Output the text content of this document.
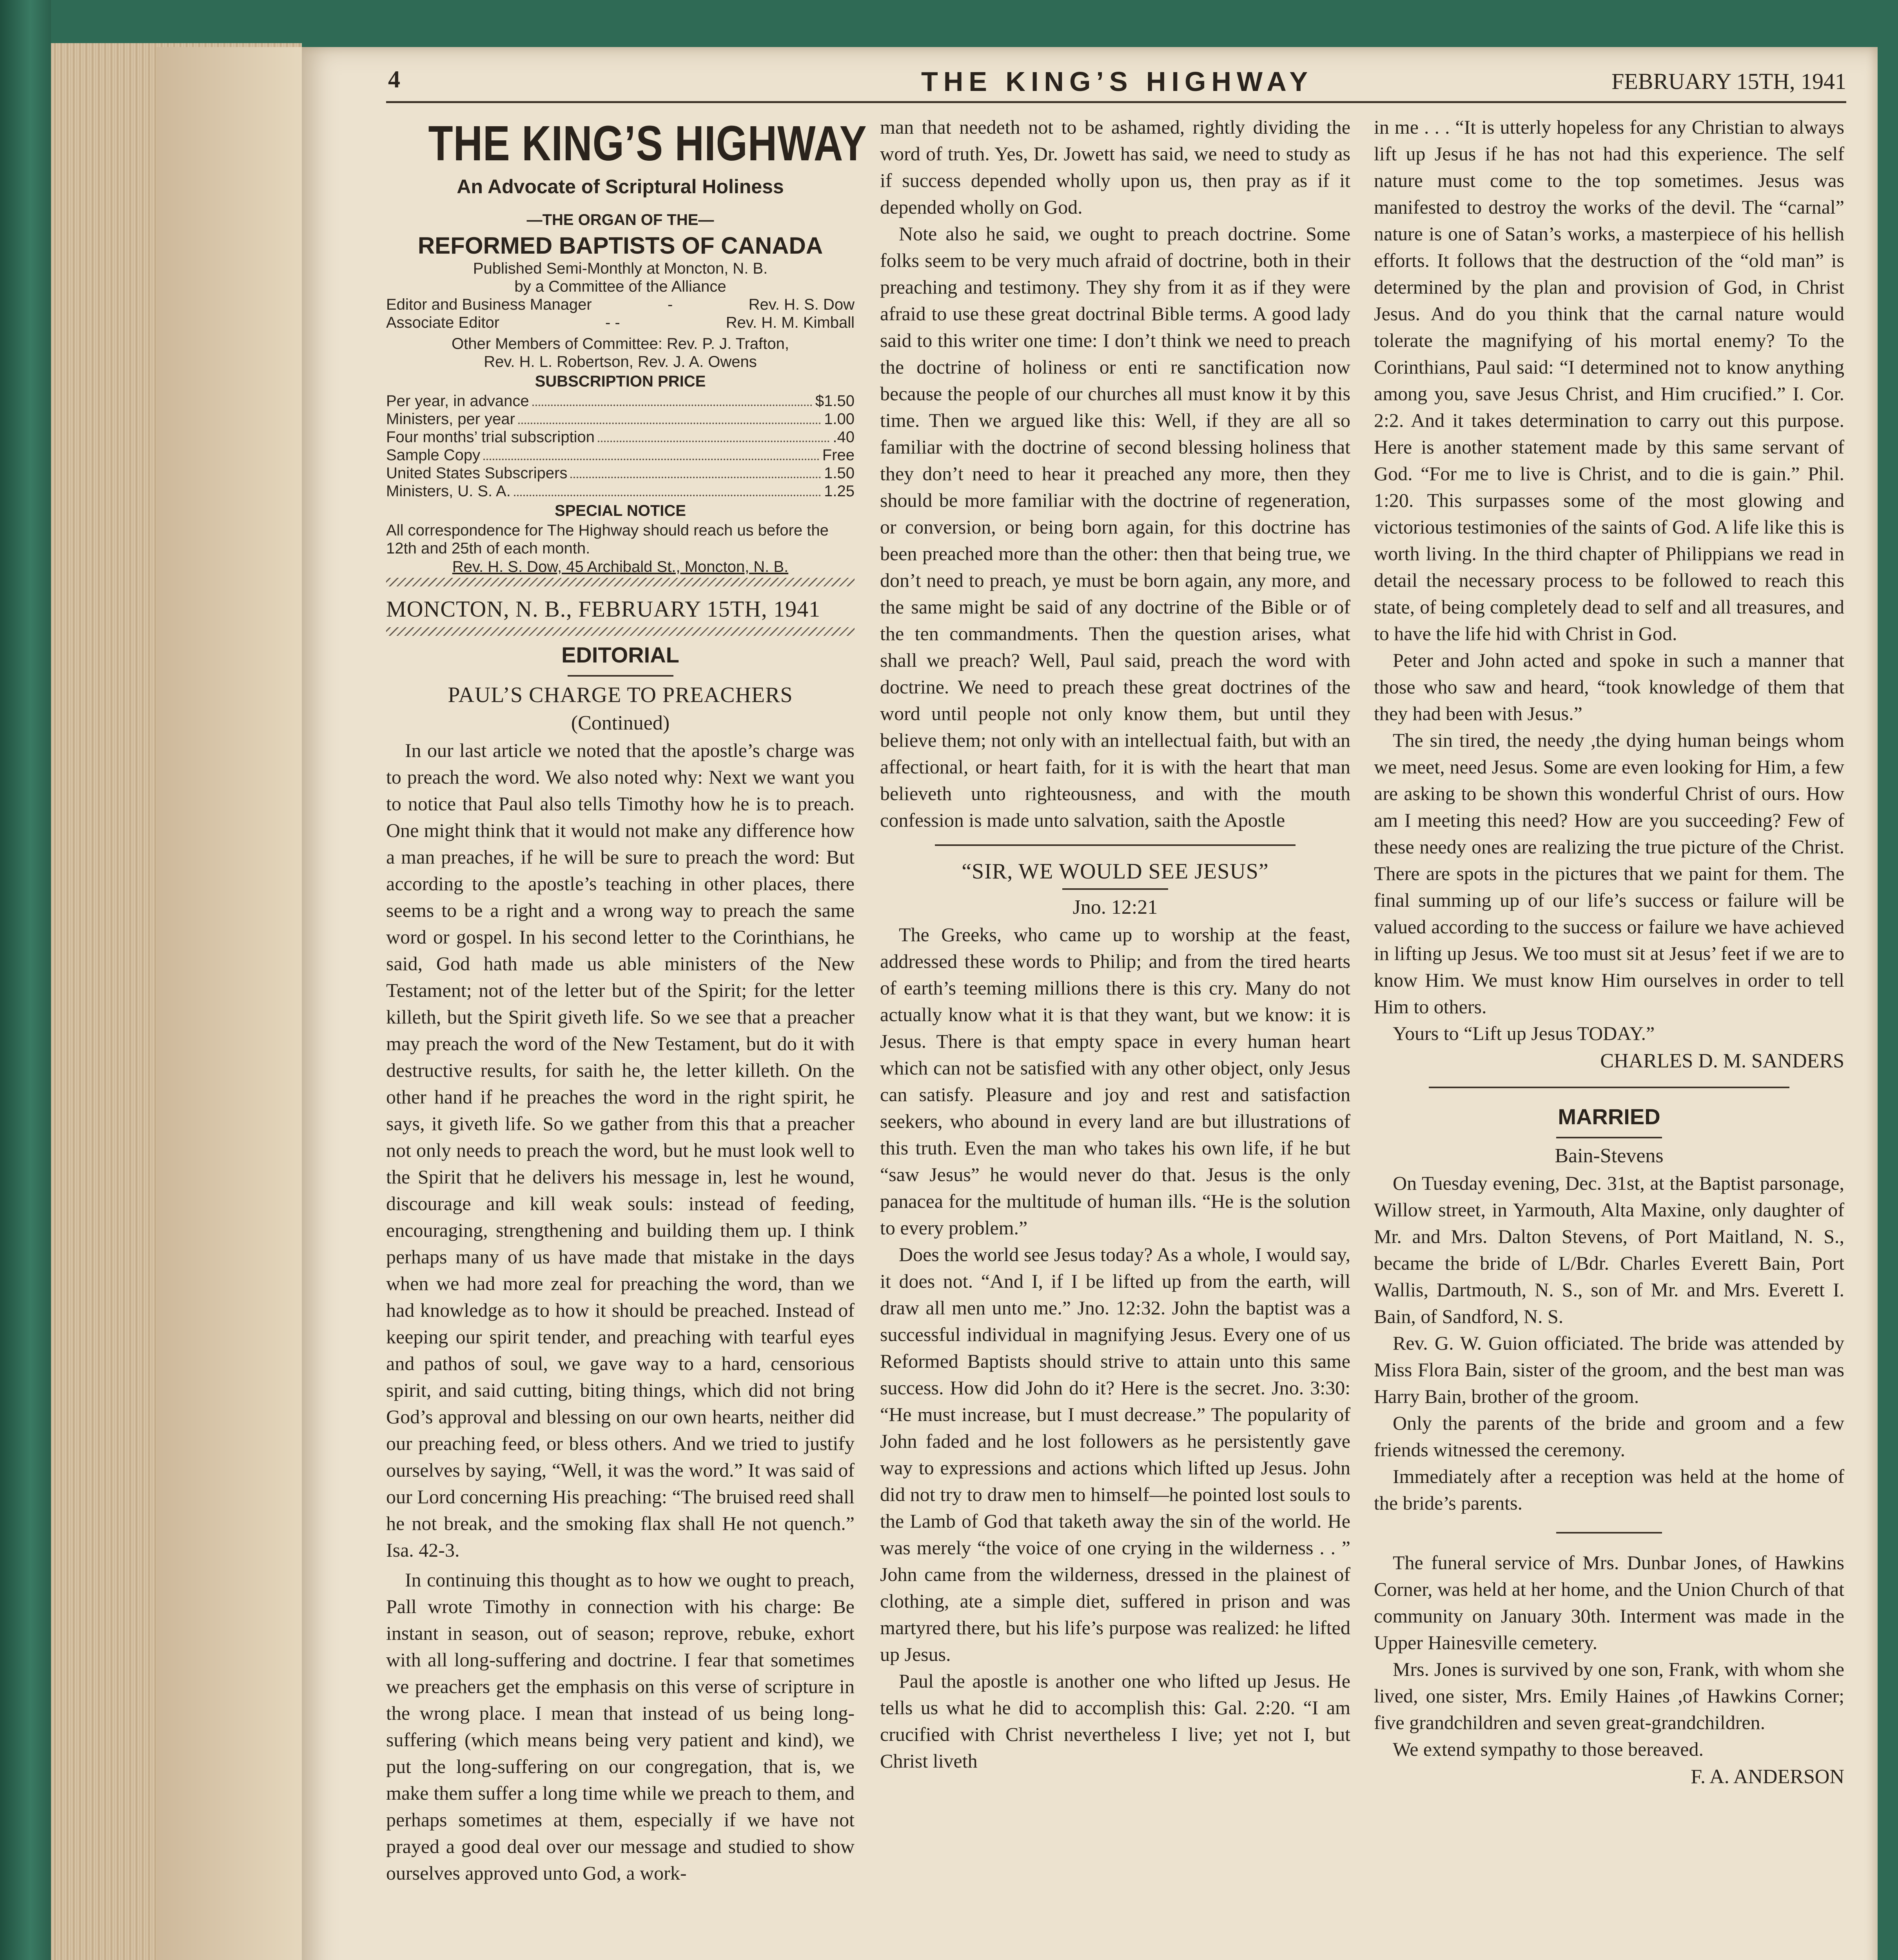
4	THE KING’S HIGHWAY	FEBRUARY 15TH, 1941
THE KING’S HIGHWAY
An Advocate of Scriptural Holiness
—THE ORGAN OF THE—
REFORMED BAPTISTS OF CANADA
Published Semi-Monthly at Moncton, N. B.
by a Committee of the Alliance
Editor and Business Manager	-	Rev. H. S. Dow
Associate Editor	- -	Rev. H. M. Kimball
Other Members of Committee: Rev. P. J. Trafton,
Rev. H. L. Robertson, Rev. J. A. Owens
SUBSCRIPTION PRICE
Per year, in advance	$1.50
Ministers, per year	1.00
Four months’ trial subscription	.40
Sample Copy	Free
United States Subscripers	1.50
Ministers, U. S. A.	1.25
SPECIAL NOTICE
All correspondence for The Highway should reach us before the 12th and 25th of each month.
Rev. H. S. Dow, 45 Archibald St., Moncton, N. B.
MONCTON, N. B., FEBRUARY 15TH, 1941
EDITORIAL
PAUL’S CHARGE TO PREACHERS
(Continued)

In our last article we noted that the apostle’s charge was to preach the word. We also noted why: Next we want you to notice that Paul also tells Timothy how he is to preach. One might think that it would not make any difference how a man preaches, if he will be sure to preach the word: But according to the apostle’s teaching in other places, there seems to be a right and a wrong way to preach the same word or gospel. In his second letter to the Corinthians, he said, God hath made us able ministers of the New Testament; not of the letter but of the Spirit; for the letter killeth, but the Spirit giveth life. So we see that a preacher may preach the word of the New Testament, but do it with destructive results, for saith he, the letter killeth. On the other hand if he preaches the word in the right spirit, he says, it giveth life. So we gather from this that a preacher not only needs to preach the word, but he must look well to the Spirit that he delivers his message in, lest he wound, discourage and kill weak souls: instead of feeding, encouraging, strengthening and building them up. I think perhaps many of us have made that mistake in the days when we had more zeal for preaching the word, than we had knowledge as to how it should be preached. Instead of keeping our spirit tender, and preaching with tearful eyes and pathos of soul, we gave way to a hard, censorious spirit, and said cutting, biting things, which did not bring God’s approval and blessing on our own hearts, neither did our preaching feed, or bless others. And we tried to justify ourselves by saying, “Well, it was the word.” It was said of our Lord concerning His preaching: “The bruised reed shall he not break, and the smoking flax shall He not quench.” Isa. 42-3.

In continuing this thought as to how we ought to preach, Pall wrote Timothy in connection with his charge: Be instant in season, out of season; reprove, rebuke, exhort with all long-suffering and doctrine. I fear that sometimes we preachers get the emphasis on this verse of scripture in the wrong place. I mean that instead of us being long-suffering (which means being very patient and kind), we put the long-suffering on our congregation, that is, we make them suffer a long time while we preach to them, and perhaps sometimes at them, especially if we have not prayed a good deal over our message and studied to show ourselves approved unto God, a work-

man that needeth not to be ashamed, rightly dividing the word of truth. Yes, Dr. Jowett has said, we need to study as if success depended wholly upon us, then pray as if it depended wholly on God.

Note also he said, we ought to preach doctrine. Some folks seem to be very much afraid of doctrine, both in their preaching and testimony. They shy from it as if they were afraid to use these great doctrinal Bible terms. A good lady said to this writer one time: I don’t think we need to preach the doctrine of holiness or enti re sanctification now because the people of our churches all must know it by this time. Then we argued like this: Well, if they are all so familiar with the doctrine of second blessing holiness that they don’t need to hear it preached any more, then they should be more familiar with the doctrine of regeneration, or conversion, or being born again, for this doctrine has been preached more than the other: then that being true, we don’t need to preach, ye must be born again, any more, and the same might be said of any doctrine of the Bible or of the ten commandments. Then the question arises, what shall we preach? Well, Paul said, preach the word with doctrine. We need to preach these great doctrines of the word until people not only know them, but until they believe them; not only with an intellectual faith, but with an affectional, or heart faith, for it is with the heart that man believeth unto righteousness, and with the mouth confession is made unto salvation, saith the Apostle

“SIR, WE WOULD SEE JESUS”
Jno. 12:21

The Greeks, who came up to worship at the feast, addressed these words to Philip; and from the tired hearts of earth’s teeming millions there is this cry. Many do not actually know what it is that they want, but we know: it is Jesus. There is that empty space in every human heart which can not be satisfied with any other object, only Jesus can satisfy. Pleasure and joy and rest and satisfaction seekers, who abound in every land are but illustrations of this truth. Even the man who takes his own life, if he but “saw Jesus” he would never do that. Jesus is the only panacea for the multitude of human ills. “He is the solution to every problem.”

Does the world see Jesus today? As a whole, I would say, it does not. “And I, if I be lifted up from the earth, will draw all men unto me.” Jno. 12:32. John the baptist was a successful individual in magnifying Jesus. Every one of us Reformed Baptists should strive to attain unto this same success. How did John do it? Here is the secret. Jno. 3:30: “He must increase, but I must decrease.” The popularity of John faded and he lost followers as he persistently gave way to expressions and actions which lifted up Jesus. John did not try to draw men to himself—he pointed lost souls to the Lamb of God that taketh away the sin of the world. He was merely “the voice of one crying in the wilderness . . ” John came from the wilderness, dressed in the plainest of clothing, ate a simple diet, suffered in prison and was martyred there, but his life’s purpose was realized: he lifted up Jesus.

Paul the apostle is another one who lifted up Jesus. He tells us what he did to accomplish this: Gal. 2:20. “I am crucified with Christ nevertheless I live; yet not I, but Christ liveth

in me . . . “It is utterly hopeless for any Christian to always lift up Jesus if he has not had this experience. The self nature must come to the top sometimes. Jesus was manifested to destroy the works of the devil. The “carnal” nature is one of Satan’s works, a masterpiece of his hellish efforts. It follows that the destruction of the “old man” is determined by the plan and provision of God, in Christ Jesus. And do you think that the carnal nature would tolerate the magnifying of his mortal enemy? To the Corinthians, Paul said: “I determined not to know anything among you, save Jesus Christ, and Him crucified.” I. Cor. 2:2. And it takes determination to carry out this purpose. Here is another statement made by this same servant of God. “For me to live is Christ, and to die is gain.” Phil. 1:20. This surpasses some of the most glowing and victorious testimonies of the saints of God. A life like this is worth living. In the third chapter of Philippians we read in detail the necessary process to be followed to reach this state, of being completely dead to self and all treasures, and to have the life hid with Christ in God.

Peter and John acted and spoke in such a manner that those who saw and heard, “took knowledge of them that they had been with Jesus.”

The sin tired, the needy ,the dying human beings whom we meet, need Jesus. Some are even looking for Him, a few are asking to be shown this wonderful Christ of ours. How am I meeting this need? How are you succeeding? Few of these needy ones are realizing the true picture of the Christ. There are spots in the pictures that we paint for them. The final summing up of our life’s success or failure will be valued according to the success or failure we have achieved in lifting up Jesus. We too must sit at Jesus’ feet if we are to know Him. We must know Him ourselves in order to tell Him to others.

Yours to “Lift up Jesus TODAY.”

CHARLES D. M. SANDERS
MARRIED
Bain-Stevens

On Tuesday evening, Dec. 31st, at the Baptist parsonage, Willow street, in Yarmouth, Alta Maxine, only daughter of Mr. and Mrs. Dalton Stevens, of Port Maitland, N. S., became the bride of L/Bdr. Charles Everett Bain, Port Wallis, Dartmouth, N. S., son of Mr. and Mrs. Everett I. Bain, of Sandford, N. S.

Rev. G. W. Guion officiated. The bride was attended by Miss Flora Bain, sister of the groom, and the best man was Harry Bain, brother of the groom.

Only the parents of the bride and groom and a few friends witnessed the ceremony.

Immediately after a reception was held at the home of the bride’s parents.

The funeral service of Mrs. Dunbar Jones, of Hawkins Corner, was held at her home, and the Union Church of that community on January 30th. Interment was made in the Upper Hainesville cemetery.

Mrs. Jones is survived by one son, Frank, with whom she lived, one sister, Mrs. Emily Haines ,of Hawkins Corner; five grandchildren and seven great-grandchildren.

We extend sympathy to those bereaved.

F. A. ANDERSON
